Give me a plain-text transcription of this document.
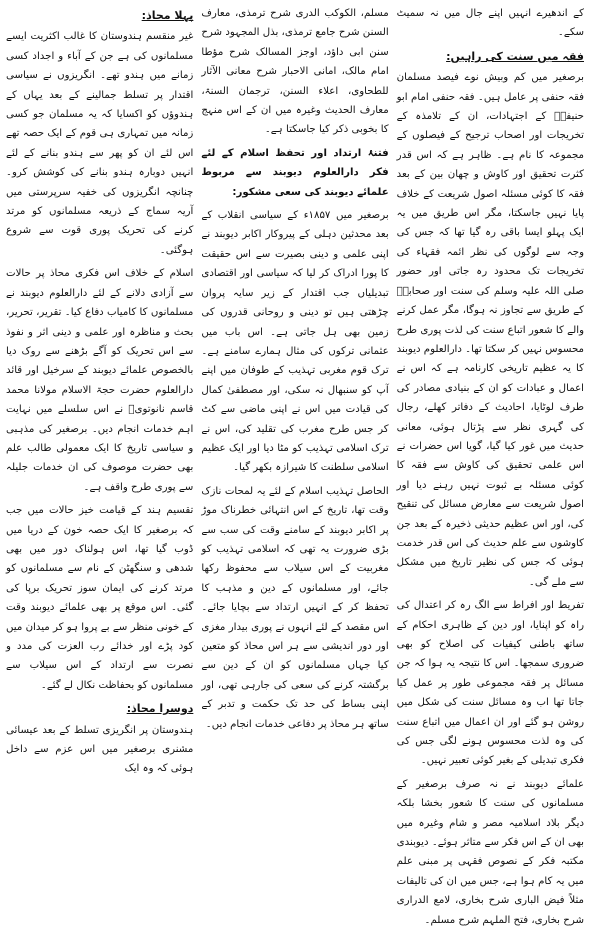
کے اندھیرے انہیں اپنے جال میں نہ سمیٹ سکے۔

فقہ میں سنت کی راہیں:

برصغیر میں کم وبیش نوے فیصد مسلمان فقہ حنفی پر عامل ہیں۔ فقہ حنفی امام ابو حنیفہؒ کے اجتہادات، ان کے تلامذہ کے تخریجات اور اصحاب ترجیح کے فیصلوں کے مجموعہ کا نام ہے۔ ظاہر ہے کہ اس قدر کثرت تحقیق اور کاوش و چھان بین کے بعد فقہ کا کوئی مسئلہ اصول شریعت کے خلاف پایا نہیں جاسکتا، مگر اس طریق میں یہ ایک پہلو ایسا باقی رہ گیا تھا کہ جس کی وجہ سے لوگوں کی نظر ائمہ فقہاء کی تخریجات تک محدود رہ جاتی اور حضور صلی اللہ علیہ وسلم کی سنت اور صحابہؓ کے طریق سے تجاوز نہ ہوگا، مگر عمل کرنے والے کا شعور اتباع سنت کی لذت پوری طرح محسوس نہیں کر سکتا تھا۔ دارالعلوم دیوبند کا یہ عظیم تاریخی کارنامہ ہے کہ اس نے اعمال و عبادات کو ان کے بنیادی مصادر کی طرف لوٹایا، احادیث کے دفاتر کھلے، رجال کی گہری نظر سے پڑتال ہوئی، معانی حدیث میں غور کیا گیا، گویا اس حضرات نے اس علمی تحقیق کی کاوش سے فقہ کا کوئی مسئلہ بے ثبوت نہیں رہنے دیا اور اصول شریعت سے معارض مسائل کی تنقیح کی، اور اس عظیم حدیثی ذخیرہ کے بعد جن کاوشوں سے علم حدیث کی اس قدر خدمت ہوئی کہ جس کی نظیر تاریخ میں مشکل سے ملے گی۔

تفریط اور افراط سے الگ رہ کر اعتدال کی راہ کو اپنایا، اور دین کے ظاہری احکام کے ساتھ باطنی کیفیات کی اصلاح کو بھی ضروری سمجھا۔ اس کا نتیجہ یہ ہوا کہ جن مسائل پر فقہ مجموعی طور پر عمل کیا جاتا تھا اب وہ مسائل سنت کی شکل میں روشن ہو گئے اور ان اعمال میں اتباع سنت کی وہ لذت محسوس ہونے لگی جس کی فکری تبدیلی کے بغیر کوئی تعبیر نہیں۔

علمائے دیوبند نے نہ صرف برصغیر کے مسلمانوں کی سنت کا شعور بخشا بلکہ دیگر بلاد اسلامیہ مصر و شام وغیرہ میں بھی ان کے اس فکر سے متاثر ہوئے۔ دیوبندی مکتبہ فکر کے نصوص فقہی پر مبنی علم میں یہ کام ہوا ہے، جس میں ان کی تالیفات مثلاً فیض الباری شرح بخاری، لامع الدراری شرح بخاری، فتح الملہم شرح مسلم۔

مسلم، الکوکب الدری شرح ترمذی، معارف السنن شرح جامع ترمذی، بذل المجہود شرح سنن ابی داؤد، اوجز المسالک شرح مؤطا امام مالک، امانی الاحبار شرح معانی الآثار للطحاوی، اعلاء السنن، ترجمان السنۃ، معارف الحدیث وغیرہ میں ان کے اس منہج کا بخوبی ذکر کیا جاسکتا ہے۔

فتنۂ ارتداد اور تحفظ اسلام کے لئے فکر دارالعلوم دیوبند سے مربوط علمائے دیوبند کی سعی مشکور:

برصغیر میں ۱۸۵۷ء کے سیاسی انقلاب کے بعد محدثین دہلی کے پیروکار اکابر دیوبند نے اپنی علمی و دینی بصیرت سے اس حقیقت کا پورا ادراک کر لیا کہ سیاسی اور اقتصادی تبدیلیاں جب اقتدار کے زیر سایہ پروان چڑھتی ہیں تو دینی و روحانی قدروں کی زمین بھی ہل جاتی ہے۔ اس باب میں عثمانی ترکوں کی مثال ہمارے سامنے ہے۔ ترک قوم مغربی تہذیب کے طوفان میں اپنے آپ کو سنبھال نہ سکی، اور مصطفیٰ کمال کی قیادت میں اس نے اپنی ماضی سے کٹ کر جس طرح مغرب کی تقلید کی، اس نے ترک اسلامی تہذیب کو مٹا دیا اور ایک عظیم اسلامی سلطنت کا شیرازہ بکھر گیا۔

الحاصل تہذیب اسلام کے لئے یہ لمحات نازک وقت تھا، تاریخ کے اس انتہائی خطرناک موڑ پر اکابر دیوبند کے سامنے وقت کی سب سے بڑی ضرورت یہ تھی کہ اسلامی تہذیب کو مغربیت کے اس سیلاب سے محفوظ رکھا جائے، اور مسلمانوں کے دین و مذہب کا تحفظ کر کے انہیں ارتداد سے بچایا جائے۔ اس مقصد کے لئے انہوں نے پوری بیدار مغزی اور دور اندیشی سے ہر اس محاذ کو متعین کیا جہاں مسلمانوں کو ان کے دین سے برگشتہ کرنے کی سعی کی جارہی تھی، اور اپنی بساط کی حد تک حکمت و تدبر کے ساتھ ہر محاذ پر دفاعی خدمات انجام دیں۔

پہلا محاذ:

غیر منقسم ہندوستان کا غالب اکثریت ایسے مسلمانوں کی ہے جن کے آباء و اجداد کسی زمانے میں ہندو تھے۔ انگریزوں نے سیاسی اقتدار پر تسلط جمالینے کے بعد یہاں کے ہندوؤں کو اکسایا کہ یہ مسلمان جو کسی زمانہ میں تمہاری ہی قوم کے ایک حصہ تھے اس لئے ان کو پھر سے ہندو بنانے کے لئے انہیں دوبارہ ہندو بنانے کی کوشش کرو۔ چنانچہ انگریزوں کی خفیہ سرپرستی میں آریہ سماج کے ذریعہ مسلمانوں کو مرتد کرنے کی تحریک پوری قوت سے شروع ہوگئی۔

اسلام کے خلاف اس فکری محاذ پر حالات سے آزادی دلانے کے لئے دارالعلوم دیوبند نے مسلمانوں کا کامیاب دفاع کیا۔ تقریر، تحریر، بحث و مناظرہ اور علمی و دینی اثر و نفوذ سے اس تحریک کو آگے بڑھنے سے روک دیا بالخصوص علمائے دیوبند کے سرخیل اور قائد دارالعلوم حضرت حجۃ الاسلام مولانا محمد قاسم نانوتویؒ نے اس سلسلے میں نہایت اہم خدمات انجام دیں۔ برصغیر کی مذہبی و سیاسی تاریخ کا ایک معمولی طالب علم بھی حضرت موصوف کی ان خدمات جلیلہ سے پوری طرح واقف ہے۔

تقسیم ہند کے قیامت خیز حالات میں جب کہ برصغیر کا ایک حصہ خون کے دریا میں ڈوب گیا تھا، اس ہولناک دور میں بھی شدھی و سنگھٹن کے نام سے مسلمانوں کو مرتد کرنے کی ایمان سوز تحریک برپا کی گئی۔ اس موقع پر بھی علمائے دیوبند وقت کے خونی منظر سے بے پروا ہو کر میدان میں کود پڑے اور خدائے رب العزت کی مدد و نصرت سے ارتداد کے اس سیلاب سے مسلمانوں کو بحفاظت نکال لے گئے۔

دوسرا محاذ:

ہندوستان پر انگریزی تسلط کے بعد عیسائی مشنری برصغیر میں اس عزم سے داخل ہوئی کہ وہ ایک
